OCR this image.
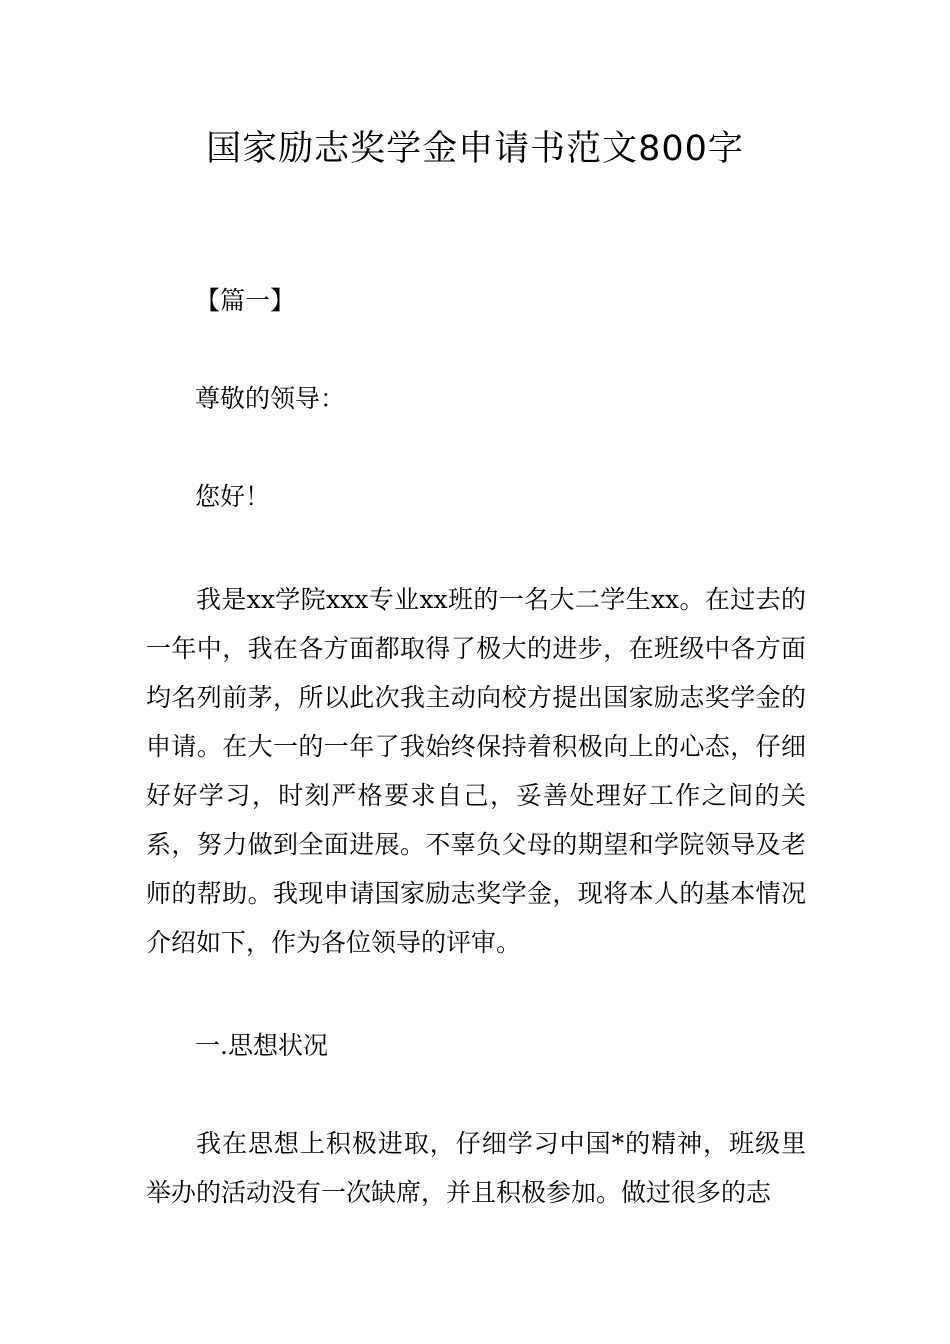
国家励志奖学金申请书范文800字
【篇一】
尊敬的领导：
您好！

我是xx学院xxx专业xx班的一名大二学生xx。在过去的一年中，我在各方面都取得了极大的进步，在班级中各方面均名列前茅，所以此次我主动向校方提出国家励志奖学金的申请。在大一的一年了我始终保持着积极向上的心态，仔细好好学习，时刻严格要求自己，妥善处理好工作之间的关系，努力做到全面进展。不辜负父母的期望和学院领导及老师的帮助。我现申请国家励志奖学金，现将本人的基本情况介绍如下，作为各位领导的评审。

一.思想状况

我在思想上积极进取，仔细学习中国*的精神，班级里举办的活动没有一次缺席，并且积极参加。做过很多的志
